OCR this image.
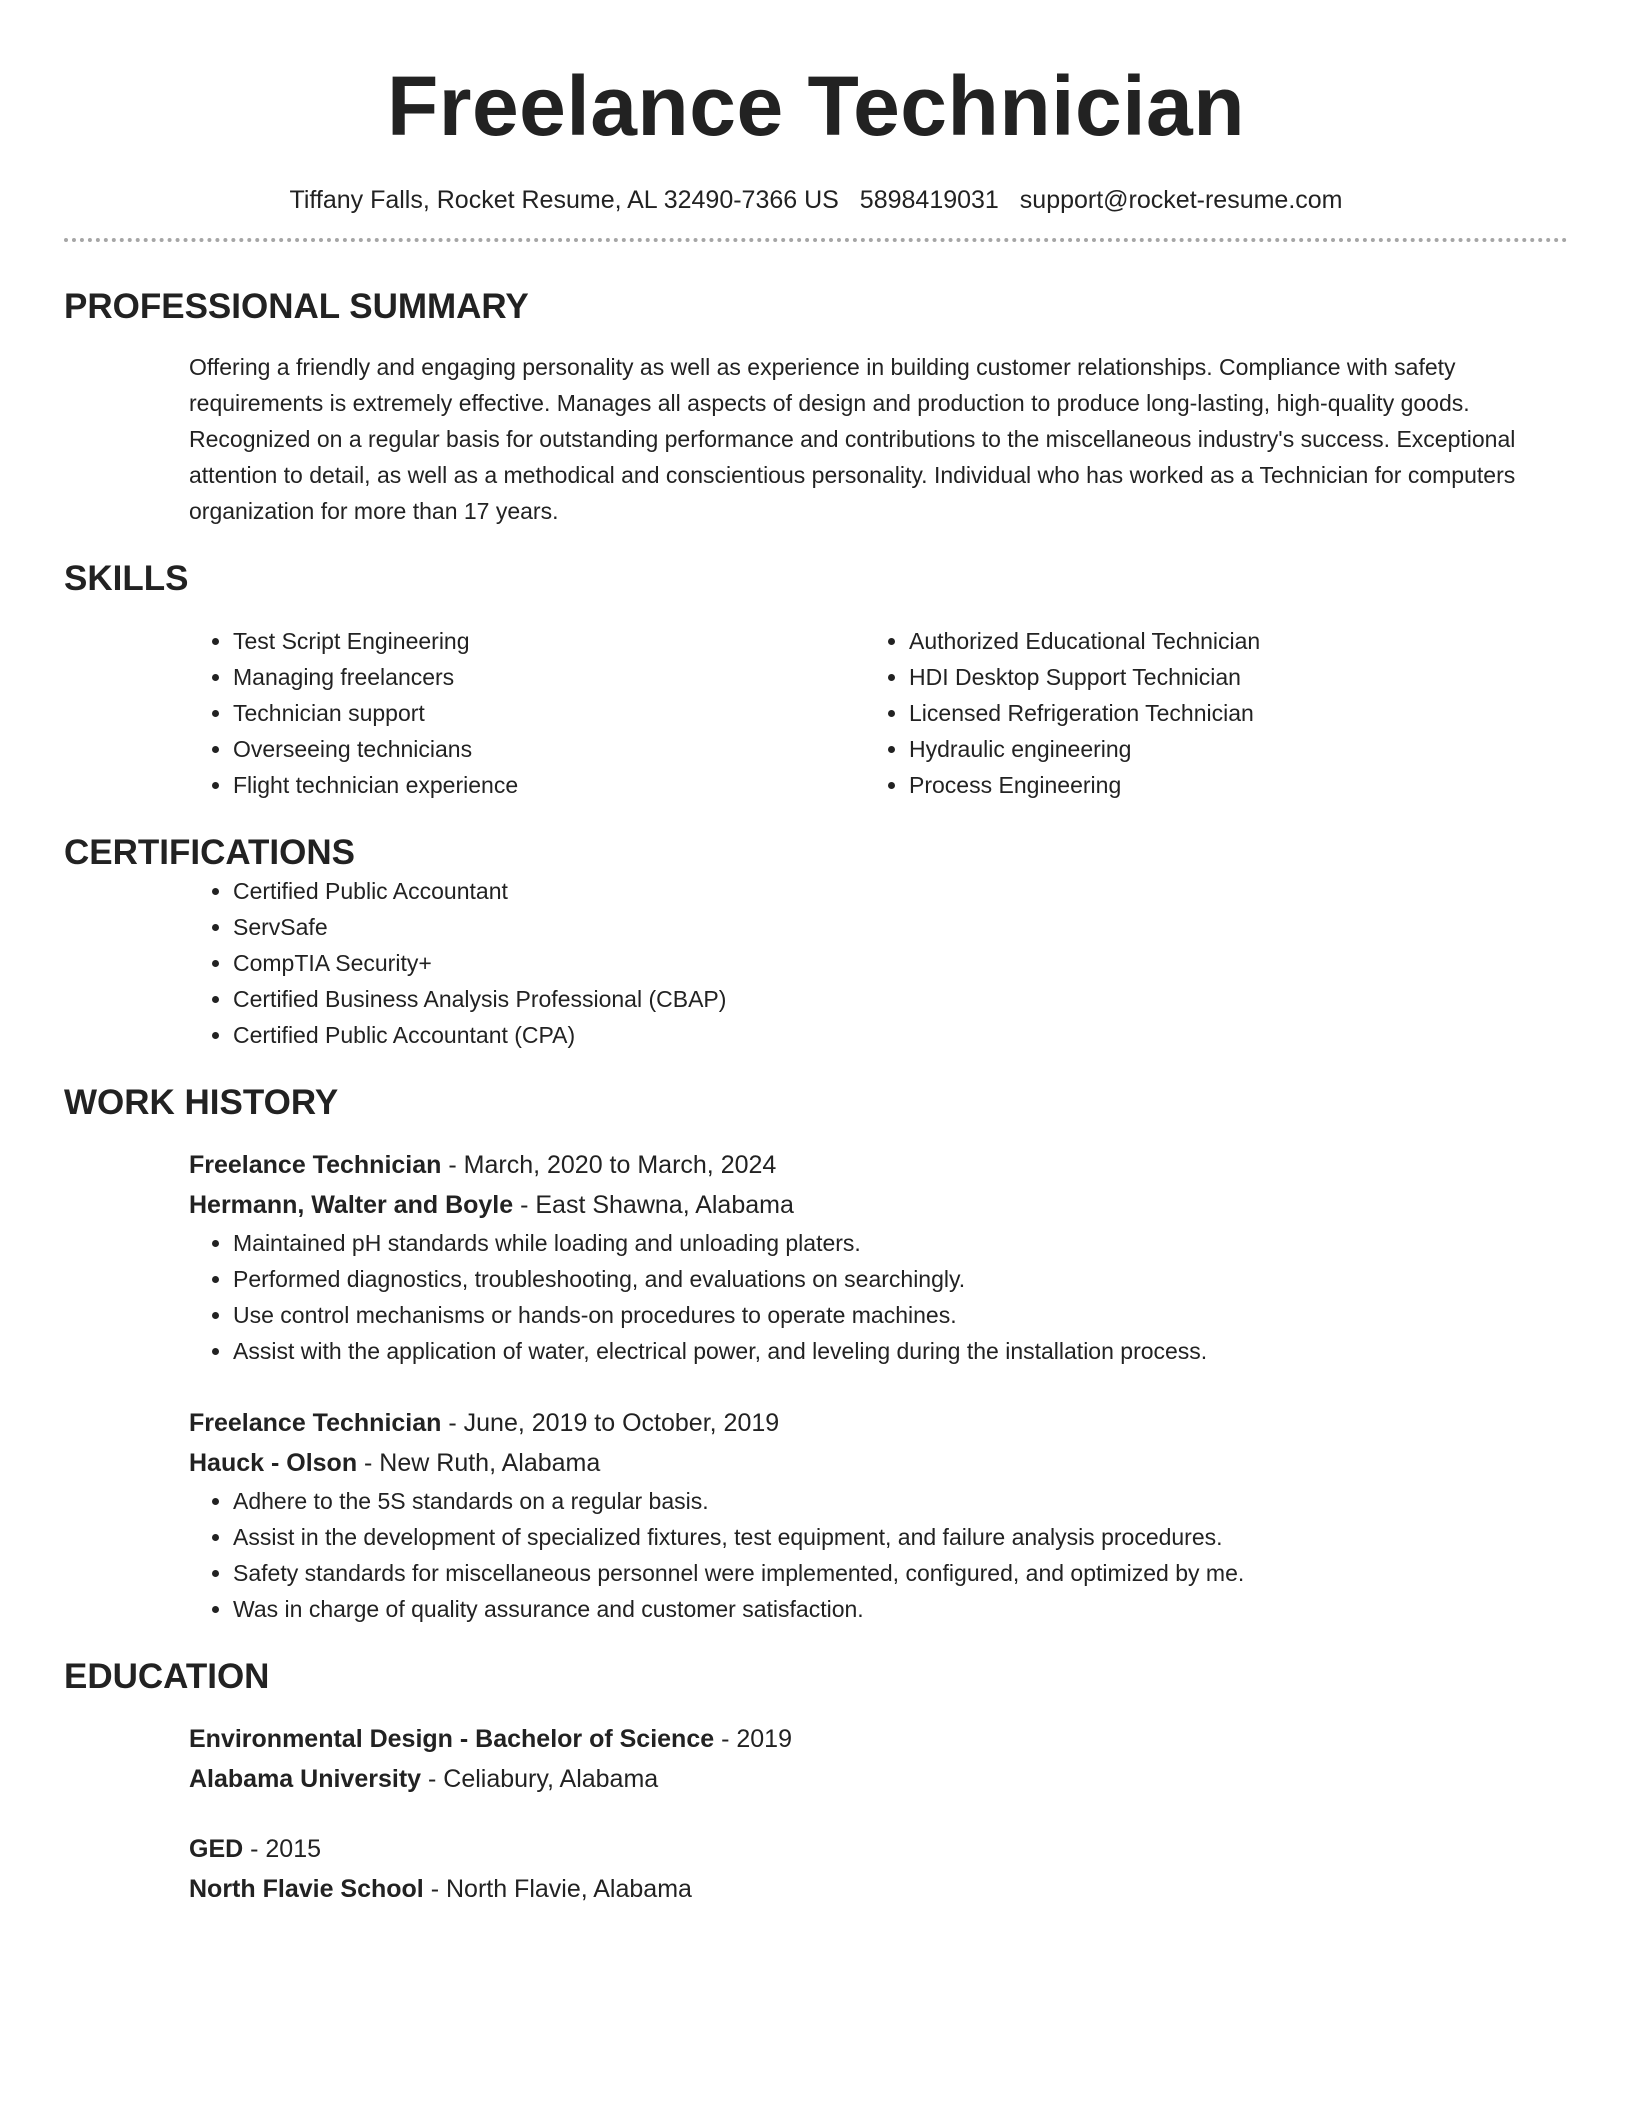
Freelance Technician
Tiffany Falls, Rocket Resume, AL 32490-7366 US 5898419031 support@rocket-resume.com
PROFESSIONAL SUMMARY

Offering a friendly and engaging personality as well as experience in building customer relationships. Compliance with safety requirements is extremely effective. Manages all aspects of design and production to produce long-lasting, high-quality goods. Recognized on a regular basis for outstanding performance and contributions to the miscellaneous industry's success. Exceptional attention to detail, as well as a methodical and conscientious personality. Individual who has worked as a Technician for computers organization for more than 17 years.

SKILLS
• Test Script Engineering
• Managing freelancers
• Technician support
• Overseeing technicians
• Flight technician experience
• Authorized Educational Technician
• HDI Desktop Support Technician
• Licensed Refrigeration Technician
• Hydraulic engineering
• Process Engineering
CERTIFICATIONS
• Certified Public Accountant
• ServSafe
• CompTIA Security+
• Certified Business Analysis Professional (CBAP)
• Certified Public Accountant (CPA)
WORK HISTORY
Freelance Technician - March, 2020 to March, 2024
Hermann, Walter and Boyle - East Shawna, Alabama
• Maintained pH standards while loading and unloading platers.
• Performed diagnostics, troubleshooting, and evaluations on searchingly.
• Use control mechanisms or hands-on procedures to operate machines.
• Assist with the application of water, electrical power, and leveling during the installation process.
Freelance Technician - June, 2019 to October, 2019
Hauck - Olson - New Ruth, Alabama
• Adhere to the 5S standards on a regular basis.
• Assist in the development of specialized fixtures, test equipment, and failure analysis procedures.
• Safety standards for miscellaneous personnel were implemented, configured, and optimized by me.
• Was in charge of quality assurance and customer satisfaction.
EDUCATION
Environmental Design - Bachelor of Science - 2019
Alabama University - Celiabury, Alabama
GED - 2015
North Flavie School - North Flavie, Alabama
